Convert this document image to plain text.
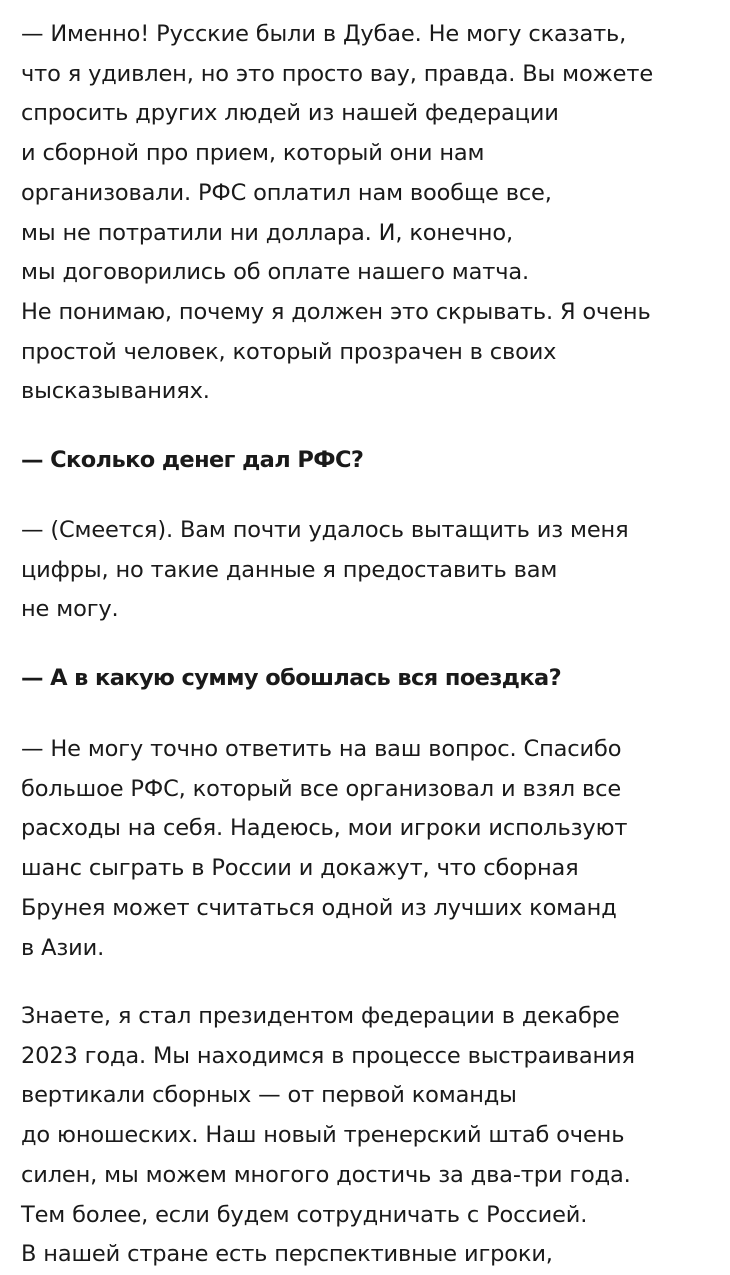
— Именно! Русские были в Дубае. Не могу сказать,
что я удивлен, но это просто вау, правда. Вы можете
спросить других людей из нашей федерации
и сборной про прием, который они нам
организовали. РФС оплатил нам вообще все,
мы не потратили ни доллара. И, конечно,
мы договорились об оплате нашего матча.
Не понимаю, почему я должен это скрывать. Я очень
простой человек, который прозрачен в своих
высказываниях.

— Сколько денег дал РФС?

— (Смеется). Вам почти удалось вытащить из меня
цифры, но такие данные я предоставить вам
не могу.

— А в какую сумму обошлась вся поездка?

— Не могу точно ответить на ваш вопрос. Спасибо
большое РФС, который все организовал и взял все
расходы на себя. Надеюсь, мои игроки используют
шанс сыграть в России и докажут, что сборная
Брунея может считаться одной из лучших команд
в Азии.

Знаете, я стал президентом федерации в декабре
2023 года. Мы находимся в процессе выстраивания
вертикали сборных — от первой команды
до юношеских. Наш новый тренерский штаб очень
силен, мы можем многого достичь за два-три года.
Тем более, если будем сотрудничать с Россией.
В нашей стране есть перспективные игроки,
